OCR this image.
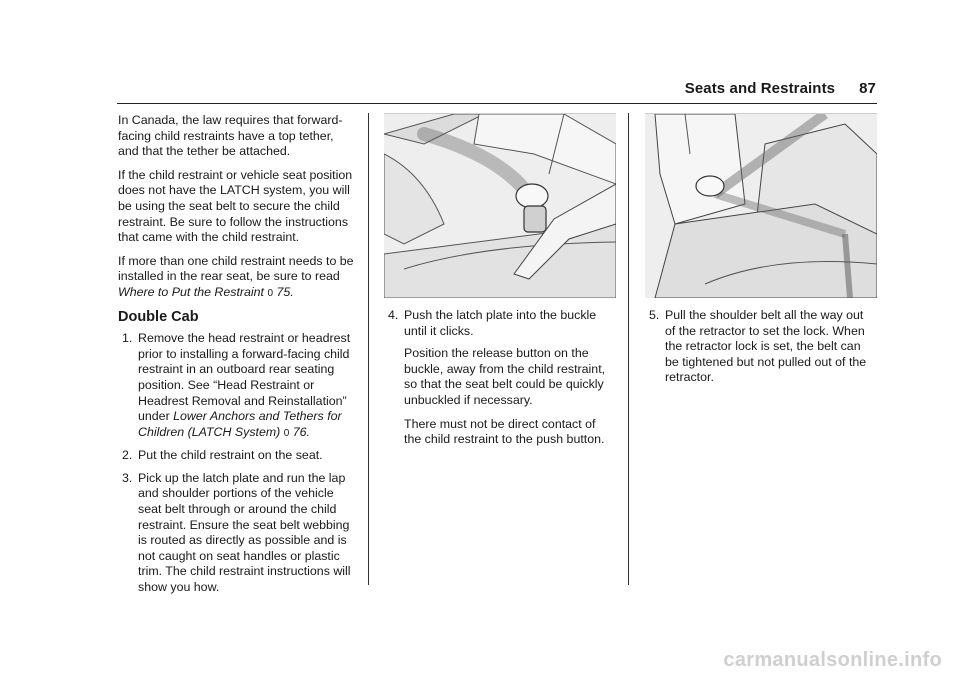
Seats and Restraints 87

In Canada, the law requires that forward-facing child restraints have a top tether, and that the tether be attached.

If the child restraint or vehicle seat position does not have the LATCH system, you will be using the seat belt to secure the child restraint. Be sure to follow the instructions that came with the child restraint.

If more than one child restraint needs to be installed in the rear seat, be sure to read Where to Put the Restraint 0 75.

Double Cab
1. Remove the head restraint or headrest prior to installing a forward-facing child restraint in an outboard rear seating position. See “Head Restraint or Headrest Removal and Reinstallation” under Lower Anchors and Tethers for Children (LATCH System) 0 76.
2. Put the child restraint on the seat.
3. Pick up the latch plate and run the lap and shoulder portions of the vehicle seat belt through or around the child restraint. Ensure the seat belt webbing is routed as directly as possible and is not caught on seat handles or plastic trim. The child restraint instructions will show you how.
4. Push the latch plate into the buckle until it clicks.

Position the release button on the buckle, away from the child restraint, so that the seat belt could be quickly unbuckled if necessary.

There must not be direct contact of the child restraint to the push button.

5. Pull the shoulder belt all the way out of the retractor to set the lock. When the retractor lock is set, the belt can be tightened but not pulled out of the retractor.
carmanualsonline.info
